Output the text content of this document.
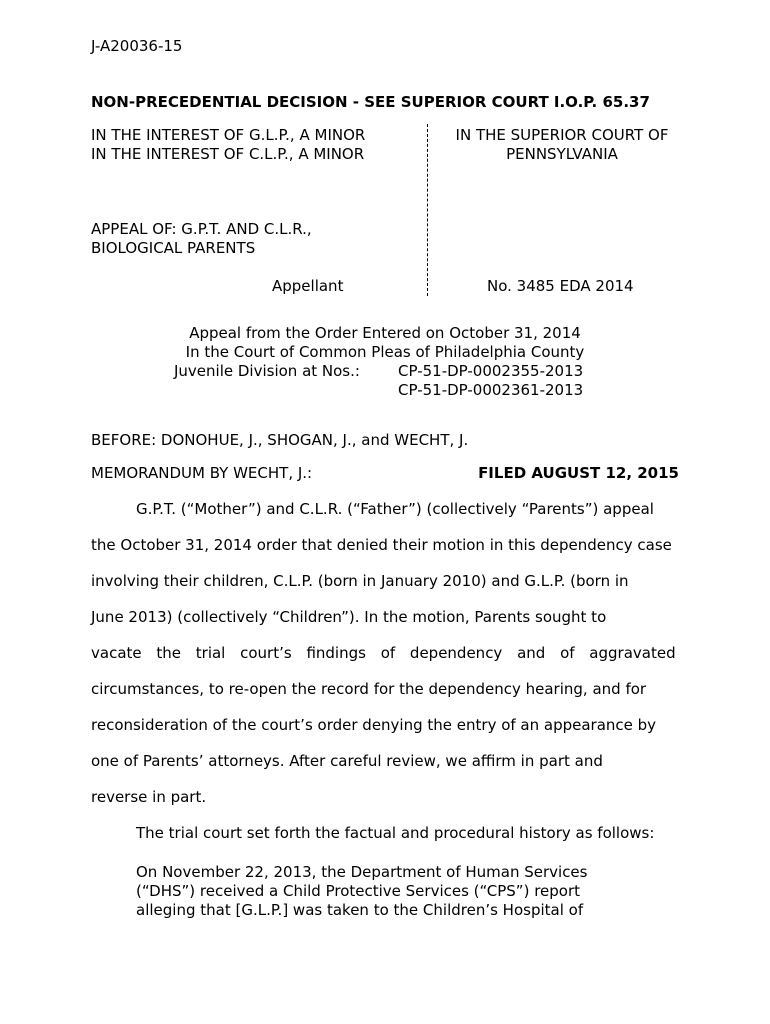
J-A20036-15
NON-PRECEDENTIAL DECISION - SEE SUPERIOR COURT I.O.P. 65.37
IN THE INTEREST OF G.L.P., A MINOR
IN THE INTEREST OF C.L.P., A MINOR
IN THE SUPERIOR COURT OF
PENNSYLVANIA
APPEAL OF: G.P.T. AND C.L.R.,
BIOLOGICAL PARENTS
Appellant	No. 3485 EDA 2014
Appeal from the Order Entered on October 31, 2014
In the Court of Common Pleas of Philadelphia County
Juvenile Division at Nos.:	CP-51-DP-0002355-2013
CP-51-DP-0002361-2013
BEFORE: DONOHUE, J., SHOGAN, J., and WECHT, J.
MEMORANDUM BY WECHT, J.:	FILED AUGUST 12, 2015
G.P.T. (“Mother”) and C.L.R. (“Father”) (collectively “Parents”) appeal
the October 31, 2014 order that denied their motion in this dependency case
involving their children, C.L.P. (born in January 2010) and G.L.P. (born in
June 2013) (collectively “Children”). In the motion, Parents sought to
vacate the trial court’s findings of dependency and of aggravated
circumstances, to re-open the record for the dependency hearing, and for
reconsideration of the court’s order denying the entry of an appearance by
one of Parents’ attorneys. After careful review, we affirm in part and
reverse in part.
The trial court set forth the factual and procedural history as follows:
On November 22, 2013, the Department of Human Services
(“DHS”) received a Child Protective Services (“CPS”) report
alleging that [G.L.P.] was taken to the Children’s Hospital of
